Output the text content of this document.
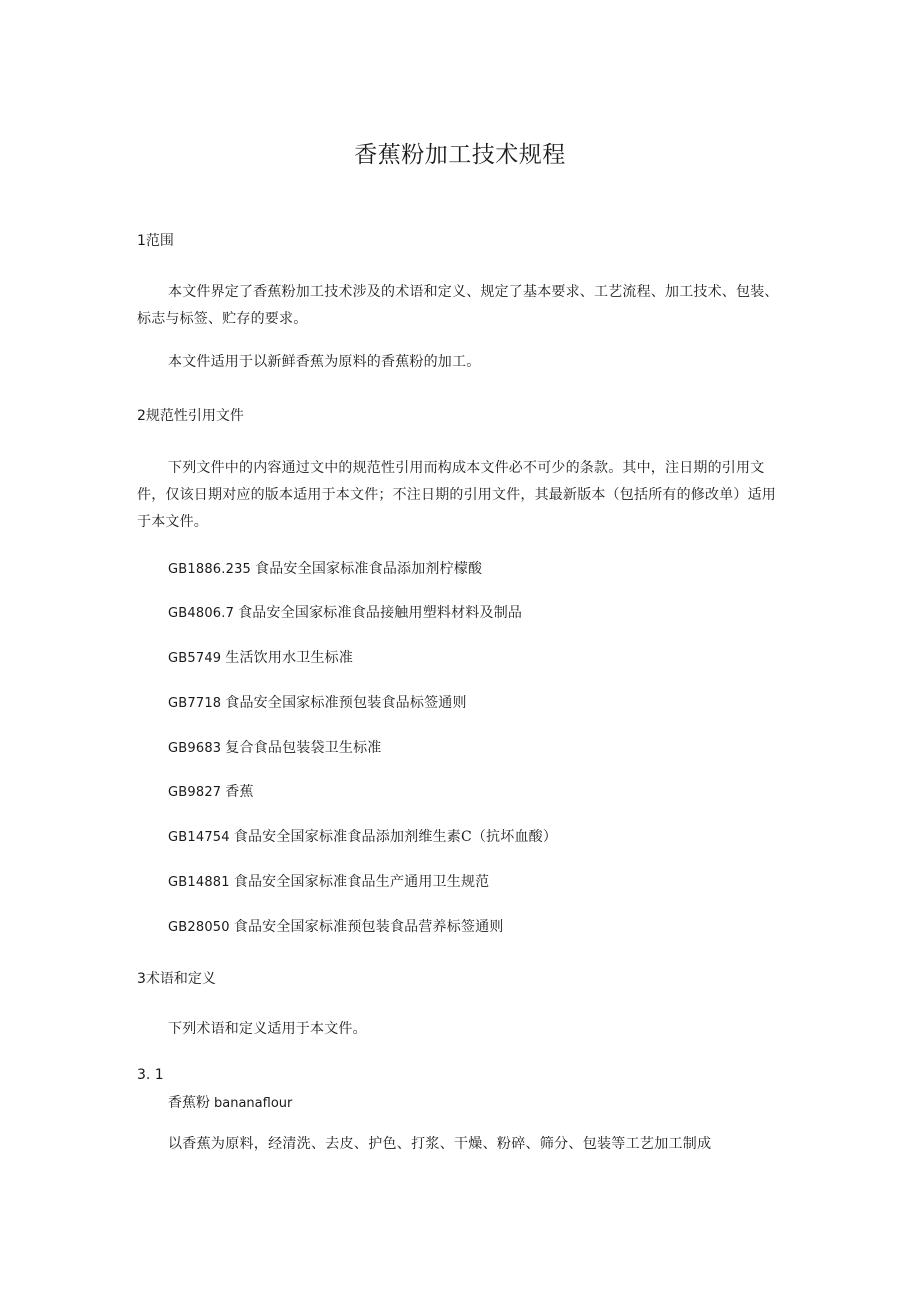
香蕉粉加工技术规程
1范围
本文件界定了香蕉粉加工技术涉及的术语和定义、规定了基本要求、工艺流程、加工技术、包装、标志与标签、贮存的要求。
本文件适用于以新鲜香蕉为原料的香蕉粉的加工。
2规范性引用文件
下列文件中的内容通过文中的规范性引用而构成本文件必不可少的条款。其中，注日期的引用文件，仅该日期对应的版本适用于本文件；不注日期的引用文件，其最新版本（包括所有的修改单）适用于本文件。
GB1886.235 食品安全国家标准食品添加剂柠檬酸
GB4806.7 食品安全国家标准食品接触用塑料材料及制品
GB5749 生活饮用水卫生标准
GB7718 食品安全国家标准预包装食品标签通则
GB9683 复合食品包装袋卫生标准
GB9827 香蕉
GB14754 食品安全国家标准食品添加剂维生素C（抗坏血酸）
GB14881 食品安全国家标准食品生产通用卫生规范
GB28050 食品安全国家标准预包装食品营养标签通则
3术语和定义
下列术语和定义适用于本文件。
3. 1
香蕉粉 bananaflour
以香蕉为原料，经清洗、去皮、护色、打浆、干燥、粉碎、筛分、包装等工艺加工制成
